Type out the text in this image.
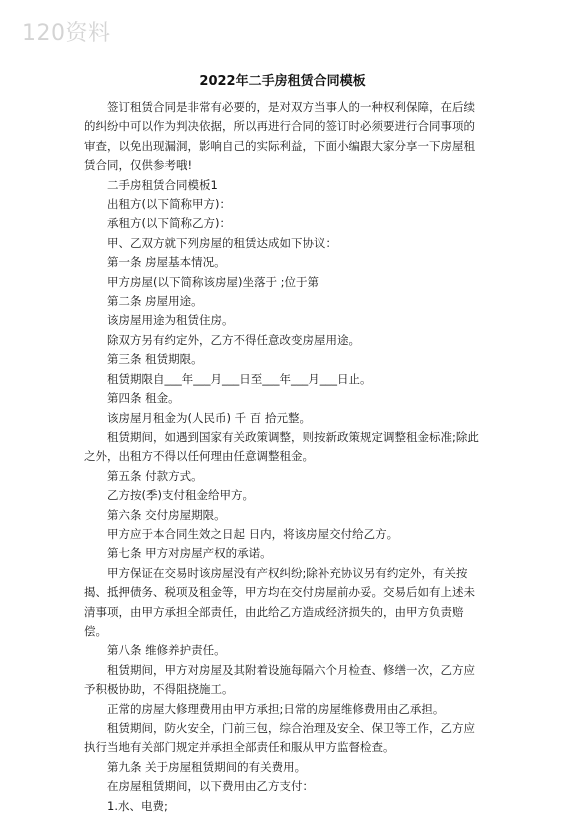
120资料
2022年二手房租赁合同模板

签订租赁合同是非常有必要的，是对双方当事人的一种权利保障，在后续的纠纷中可以作为判决依据，所以再进行合同的签订时必须要进行合同事项的审查，以免出现漏洞，影响自己的实际利益，下面小编跟大家分享一下房屋租赁合同，仅供参考哦!

二手房租赁合同模板1

出租方(以下简称甲方)：

承租方(以下简称乙方)：

甲、乙双方就下列房屋的租赁达成如下协议：

第一条 房屋基本情况。

甲方房屋(以下简称该房屋)坐落于 ;位于第

第二条 房屋用途。

该房屋用途为租赁住房。

除双方另有约定外，乙方不得任意改变房屋用途。

第三条 租赁期限。

租赁期限自___年___月___日至___年___月___日止。

第四条 租金。

该房屋月租金为(人民币) 千 百 拾元整。

租赁期间，如遇到国家有关政策调整，则按新政策规定调整租金标准;除此之外，出租方不得以任何理由任意调整租金。

第五条 付款方式。

乙方按(季)支付租金给甲方。

第六条 交付房屋期限。

甲方应于本合同生效之日起 日内，将该房屋交付给乙方。

第七条 甲方对房屋产权的承诺。

甲方保证在交易时该房屋没有产权纠纷;除补充协议另有约定外，有关按揭、抵押债务、税项及租金等，甲方均在交付房屋前办妥。交易后如有上述未清事项，由甲方承担全部责任，由此给乙方造成经济损失的，由甲方负责赔偿。

第八条 维修养护责任。

租赁期间，甲方对房屋及其附着设施每隔六个月检查、修缮一次，乙方应予积极协助，不得阻挠施工。

正常的房屋大修理费用由甲方承担;日常的房屋维修费用由乙承担。

租赁期间，防火安全，门前三包，综合治理及安全、保卫等工作，乙方应执行当地有关部门规定并承担全部责任和服从甲方监督检查。

第九条 关于房屋租赁期间的有关费用。

在房屋租赁期间，以下费用由乙方支付：

1.水、电费;
